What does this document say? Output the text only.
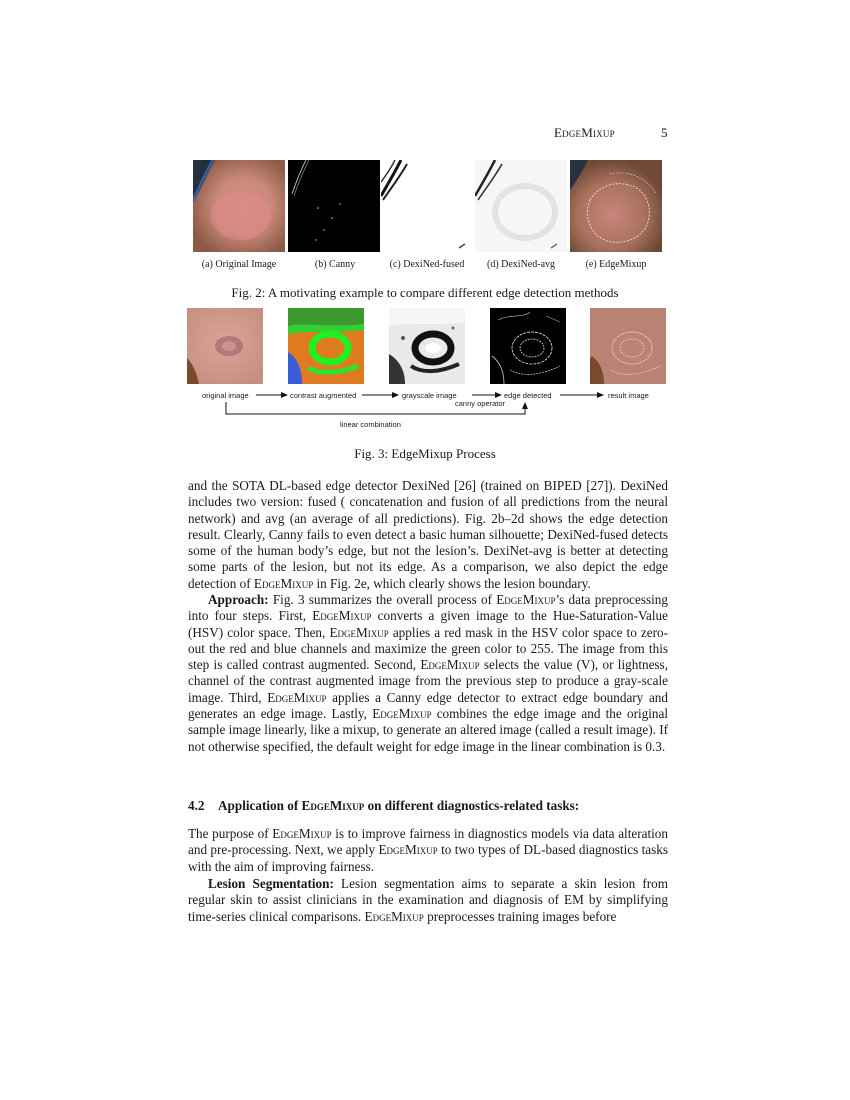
EdgeMixup	5
(a) Original Image	(b) Canny	(c) DexiNed-fused	(d) DexiNed-avg	(e) EdgeMixup
Fig. 2: A motivating example to compare different edge detection methods
original image	contrast augmented	grayscale image	edge detected	result image
canny operator
linear combination
Fig. 3: EdgeMixup Process
and the SOTA DL-based edge detector DexiNed [26] (trained on BIPED [27]). DexiNed includes two version: fused ( concatenation and fusion of all predictions from the neural network) and avg (an average of all predictions). Fig. 2b–2d shows the edge detection result. Clearly, Canny fails to even detect a basic human silhouette; DexiNed-fused detects some of the human body’s edge, but not the lesion’s. DexiNet-avg is better at detecting some parts of the lesion, but not its edge. As a comparison, we also depict the edge detection of EdgeMixup in Fig. 2e, which clearly shows the lesion boundary.
Approach: Fig. 3 summarizes the overall process of EdgeMixup’s data preprocessing into four steps. First, EdgeMixup converts a given image to the Hue-Saturation-Value (HSV) color space. Then, EdgeMixup applies a red mask in the HSV color space to zero-out the red and blue channels and maximize the green color to 255. The image from this step is called contrast augmented. Second, EdgeMixup selects the value (V), or lightness, channel of the contrast augmented image from the previous step to produce a gray-scale image. Third, EdgeMixup applies a Canny edge detector to extract edge boundary and generates an edge image. Lastly, EdgeMixup combines the edge image and the original sample image linearly, like a mixup, to generate an altered image (called a result image). If not otherwise specified, the default weight for edge image in the linear combination is 0.3.
4.2 Application of EdgeMixup on different diagnostics-related tasks:
The purpose of EdgeMixup is to improve fairness in diagnostics models via data alteration and pre-processing. Next, we apply EdgeMixup to two types of DL-based diagnostics tasks with the aim of improving fairness.
Lesion Segmentation: Lesion segmentation aims to separate a skin lesion from regular skin to assist clinicians in the examination and diagnosis of EM by simplifying time-series clinical comparisons. EdgeMixup preprocesses training images before
